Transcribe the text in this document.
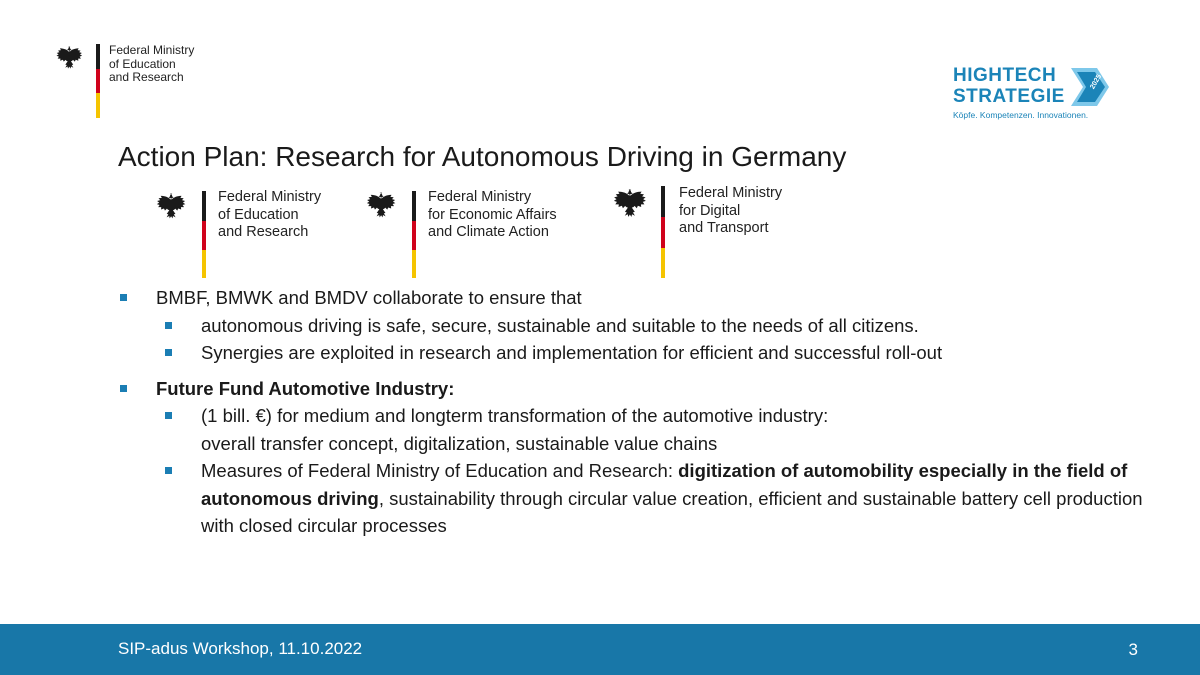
Federal Ministry
of Education
and Research	HIGHTECH
STRATEGIE
2025
Köpfe. Kompetenzen. Innovationen.
Action Plan: Research for Autonomous Driving in Germany
Federal Ministry
of Education
and Research
Federal Ministry
for Economic Affairs
and Climate Action
Federal Ministry
for Digital
and Transport
BMBF, BMWK and BMDV collaborate to ensure that
autonomous driving is safe, secure, sustainable and suitable to the needs of all citizens.
Synergies are exploited in research and implementation for efficient and successful roll-out
Future Fund Automotive Industry:
(1 bill. €) for medium and longterm transformation of the automotive industry:
overall transfer concept, digitalization, sustainable value chains
Measures of Federal Ministry of Education and Research: digitization of automobility especially in the field of autonomous driving, sustainability through circular value creation, efficient and sustainable battery cell production with closed circular processes
SIP-adus Workshop, 11.10.2022	3
